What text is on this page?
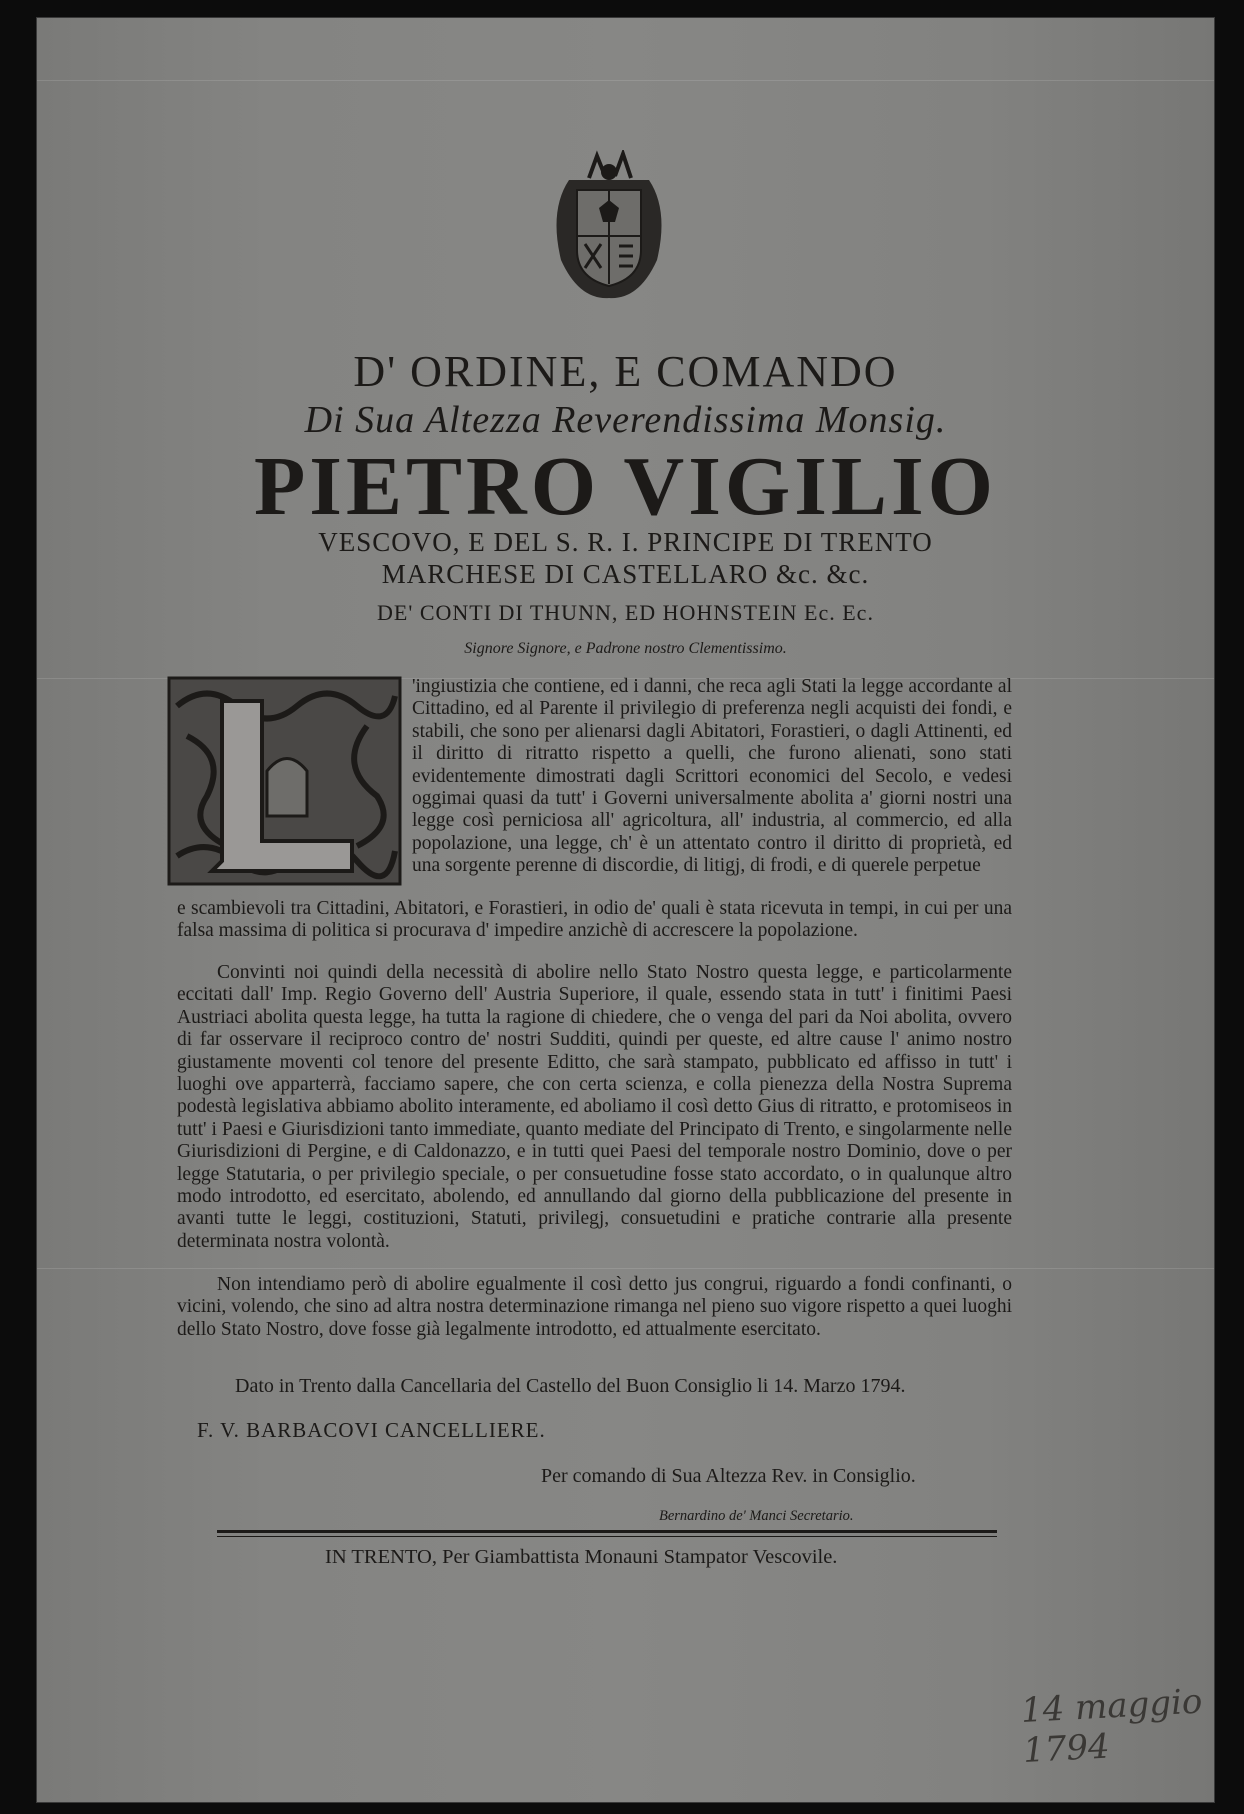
D' ORDINE, E COMANDO
Di Sua Altezza Reverendissima Monsig.
PIETRO VIGILIO
VESCOVO, E DEL S. R. I. PRINCIPE DI TRENTO
MARCHESE DI CASTELLARO &c. &c.
DE' CONTI DI THUNN, ED HOHNSTEIN Ec. Ec.
Signore Signore, e Padrone nostro Clementissimo.
'ingiustizia che contiene, ed i danni, che reca agli Stati la legge accordante al Cittadino, ed al Parente il privilegio di preferenza negli acquisti dei fondi, e stabili, che sono per alienarsi dagli Abitatori, Forastieri, o dagli Attinenti, ed il diritto di ritratto rispetto a quelli, che furono alienati, sono stati evidentemente dimostrati dagli Scrittori economici del Secolo, e vedesi oggimai quasi da tutt' i Governi universalmente abolita a' giorni nostri una legge così perniciosa all' agricoltura, all' industria, al commercio, ed alla popolazione, una legge, ch' è un attentato contro il diritto di proprietà, ed una sorgente perenne di discordie, di litigj, di frodi, e di querele perpetue
e scambievoli tra Cittadini, Abitatori, e Forastieri, in odio de' quali è stata ricevuta in tempi, in cui per una falsa massima di politica si procurava d' impedire anzichè di accrescere la popolazione.
Convinti noi quindi della necessità di abolire nello Stato Nostro questa legge, e particolarmente eccitati dall' Imp. Regio Governo dell' Austria Superiore, il quale, essendo stata in tutt' i finitimi Paesi Austriaci abolita questa legge, ha tutta la ragione di chiedere, che o venga del pari da Noi abolita, ovvero di far osservare il reciproco contro de' nostri Sudditi, quindi per queste, ed altre cause l' animo nostro giustamente moventi col tenore del presente Editto, che sarà stampato, pubblicato ed affisso in tutt' i luoghi ove apparterrà, facciamo sapere, che con certa scienza, e colla pienezza della Nostra Suprema podestà legislativa abbiamo abolito interamente, ed aboliamo il così detto Gius di ritratto, e protomiseos in tutt' i Paesi e Giurisdizioni tanto immediate, quanto mediate del Principato di Trento, e singolarmente nelle Giurisdizioni di Pergine, e di Caldonazzo, e in tutti quei Paesi del temporale nostro Dominio, dove o per legge Statutaria, o per privilegio speciale, o per consuetudine fosse stato accordato, o in qualunque altro modo introdotto, ed esercitato, abolendo, ed annullando dal giorno della pubblicazione del presente in avanti tutte le leggi, costituzioni, Statuti, privilegj, consuetudini e pratiche contrarie alla presente determinata nostra volontà.
Non intendiamo però di abolire egualmente il così detto jus congrui, riguardo a fondi confinanti, o vicini, volendo, che sino ad altra nostra determinazione rimanga nel pieno suo vigore rispetto a quei luoghi dello Stato Nostro, dove fosse già legalmente introdotto, ed attualmente esercitato.
Dato in Trento dalla Cancellaria del Castello del Buon Consiglio li 14. Marzo 1794.
F. V. BARBACOVI CANCELLIERE.
Per comando di Sua Altezza Rev. in Consiglio.
Bernardino de' Manci Secretario.
IN TRENTO, Per Giambattista Monauni Stampator Vescovile.
14 maggio 1794
